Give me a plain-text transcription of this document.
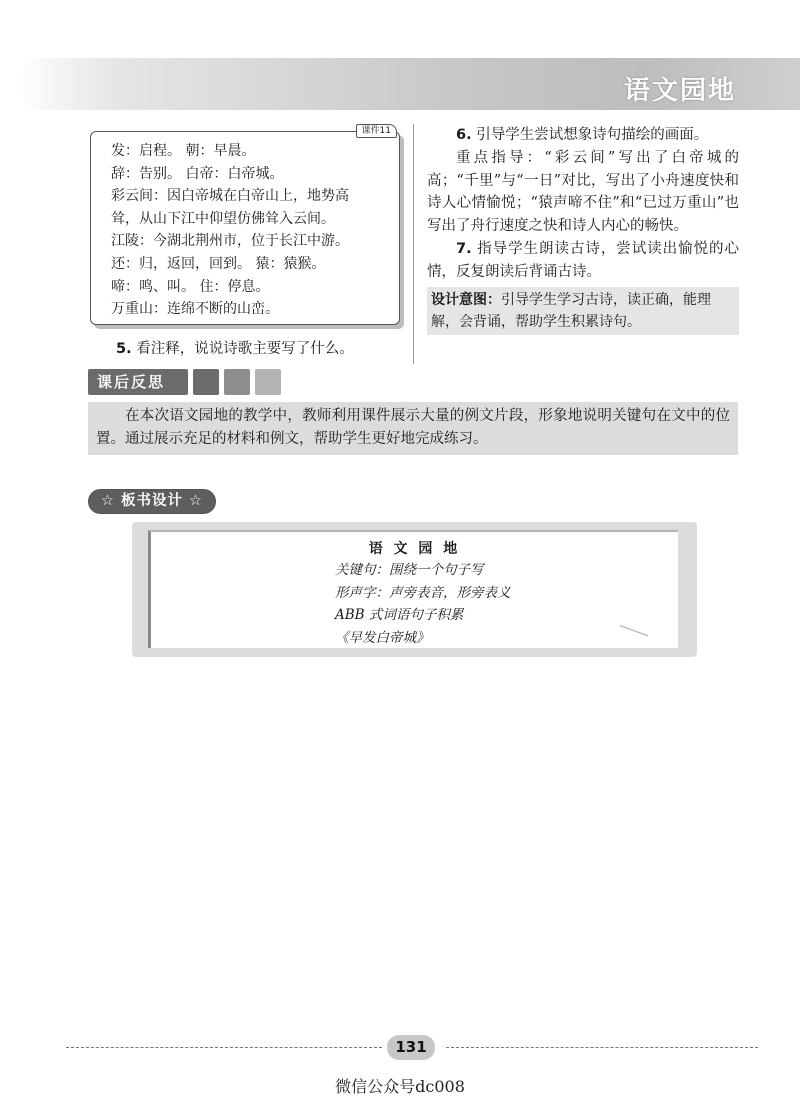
语文园地
课件11
发：启程。 朝：早晨。
辞：告别。 白帝：白帝城。
彩云间：因白帝城在白帝山上，地势高
耸，从山下江中仰望仿佛耸入云间。
江陵：今湖北荆州市，位于长江中游。
还：归，返回，回到。 猿：猿猴。
啼：鸣、叫。 住：停息。
万重山：连绵不断的山峦。
5. 看注释，说说诗歌主要写了什么。

6. 引导学生尝试想象诗句描绘的画面。

重点指导：“彩云间”写出了白帝城的高；“千里”与“一日”对比，写出了小舟速度快和诗人心情愉悦；“猿声啼不住”和“已过万重山”也写出了舟行速度之快和诗人内心的畅快。

7. 指导学生朗读古诗，尝试读出愉悦的心情，反复朗读后背诵古诗。

设计意图：引导学生学习古诗，读正确，能理解，会背诵，帮助学生积累诗句。
课后反思
在本次语文园地的教学中，教师利用课件展示大量的例文片段，形象地说明关键句在文中的位置。通过展示充足的材料和例文，帮助学生更好地完成练习。
☆ 板书设计 ☆
语 文 园 地
关键句：围绕一个句子写
形声字：声旁表音，形旁表义
ABB 式词语句子积累
《早发白帝城》
131
微信公众号dc008
